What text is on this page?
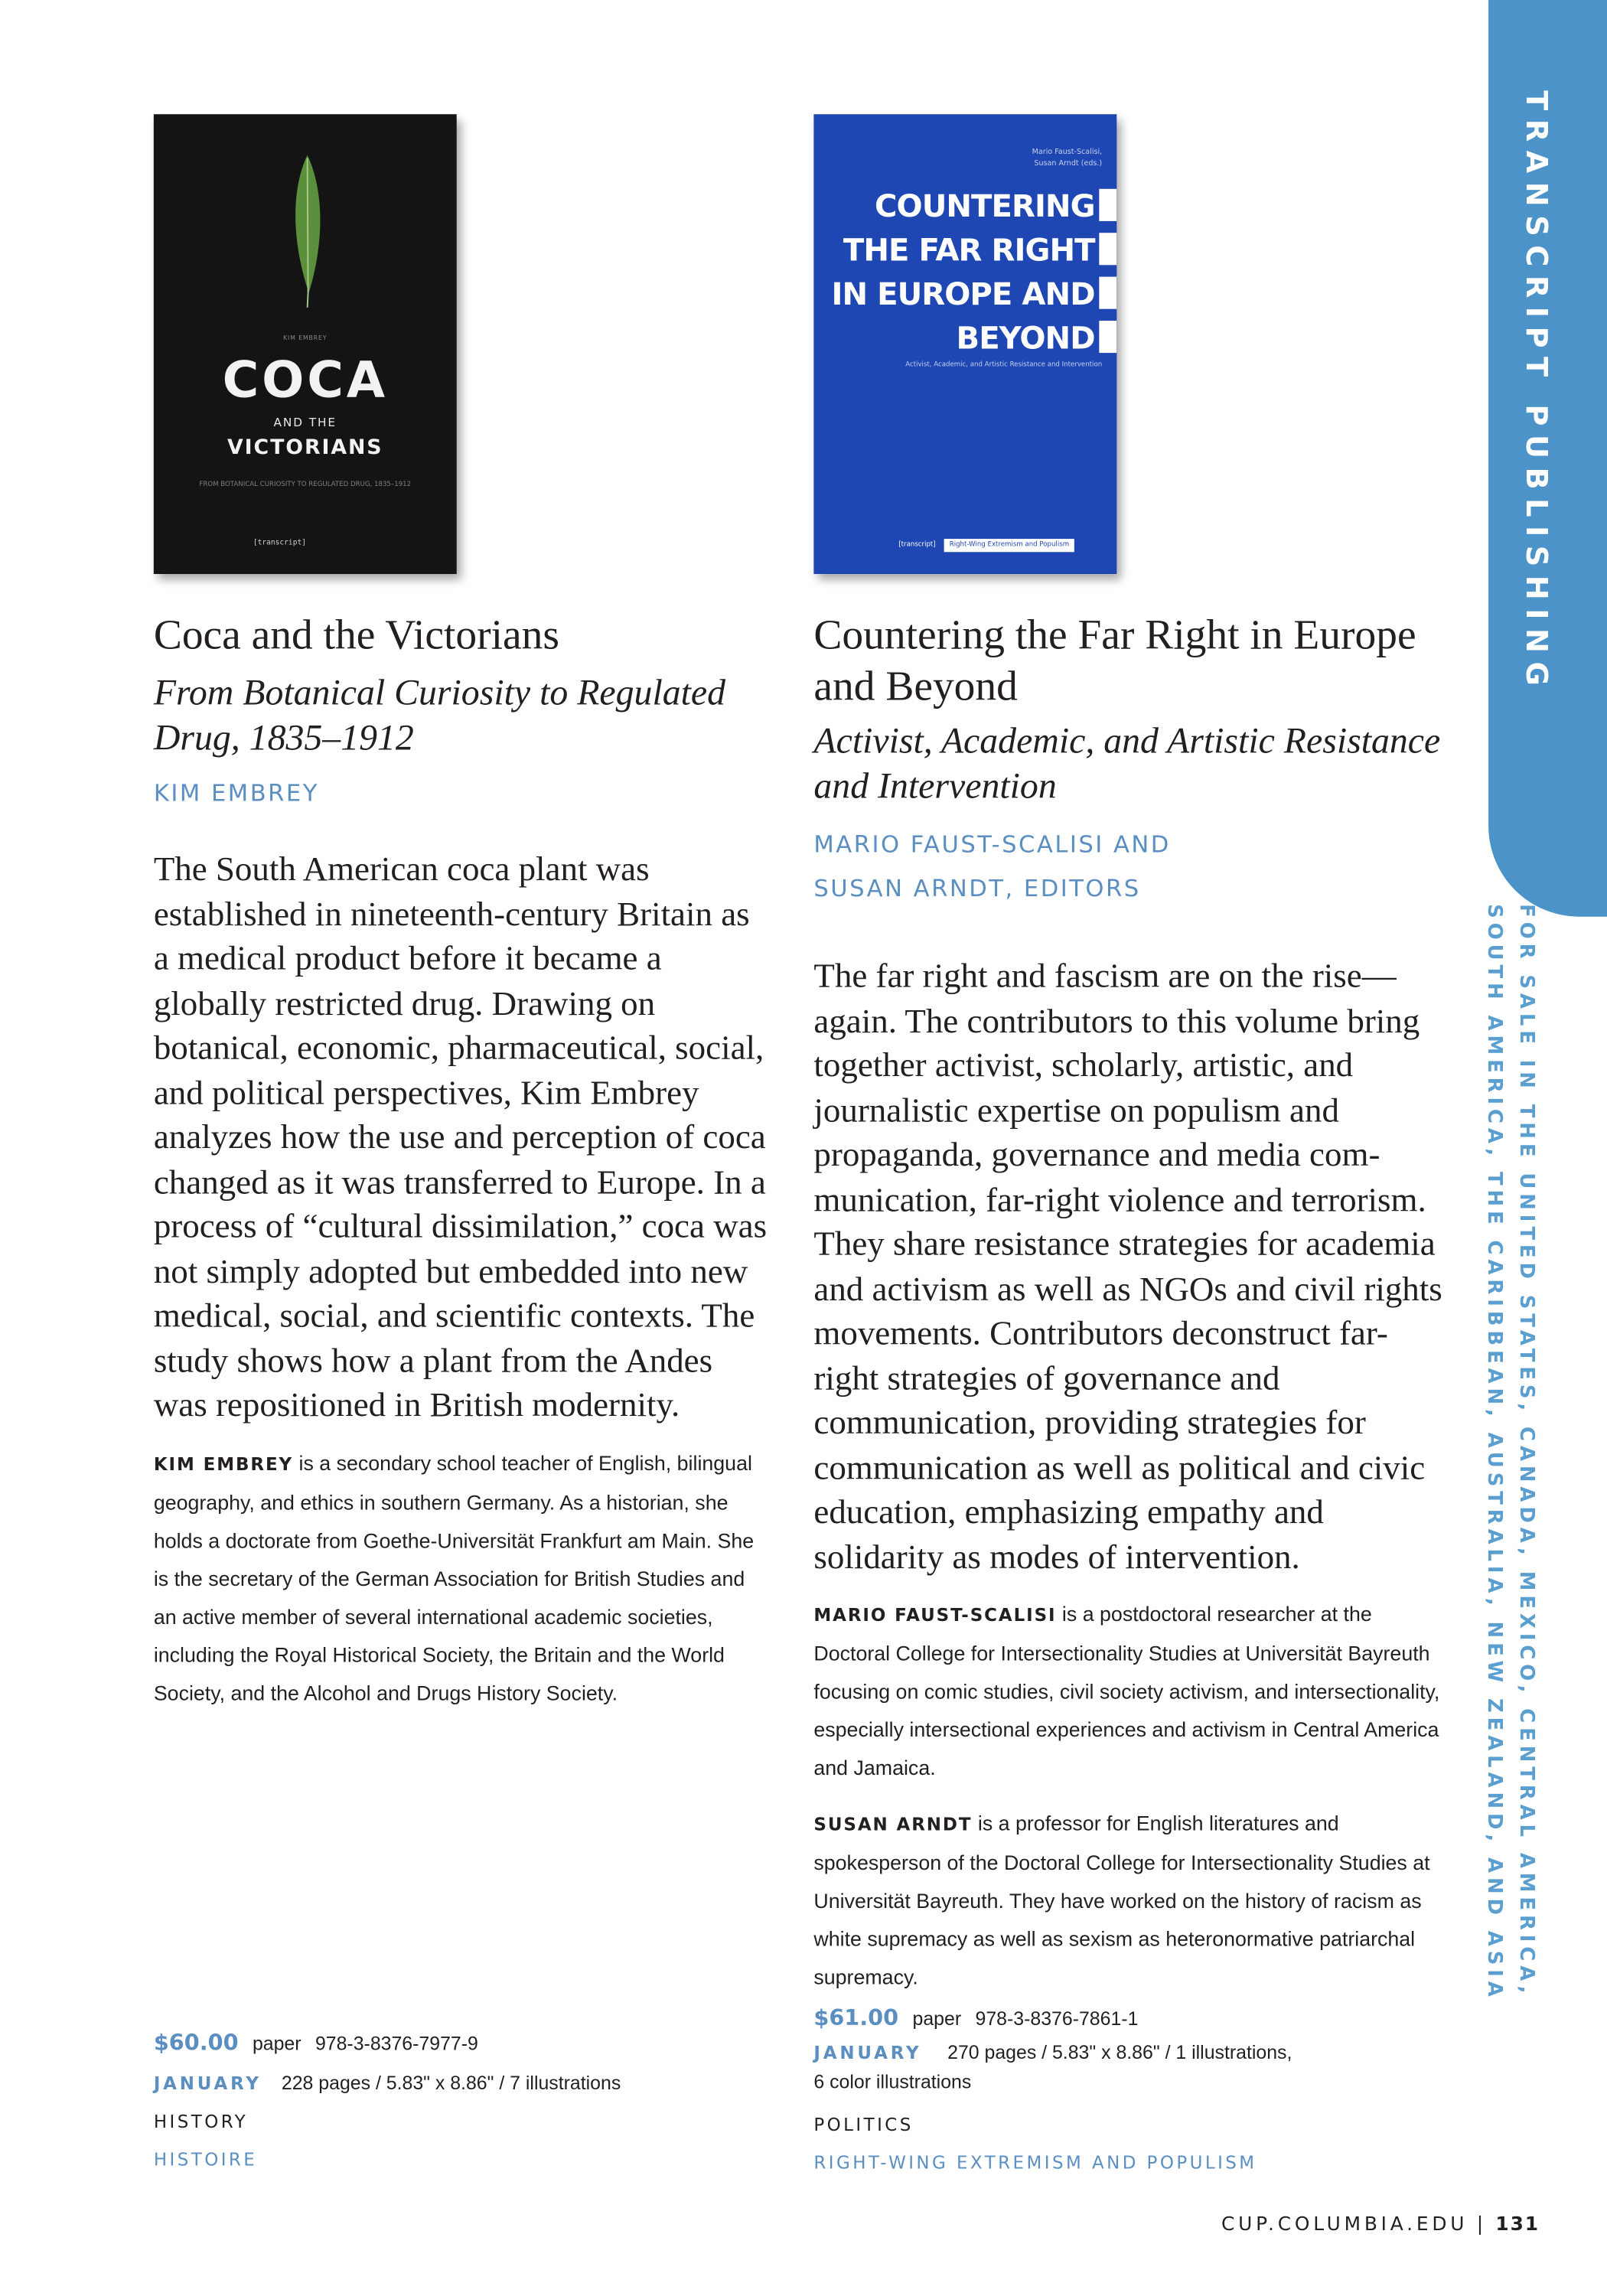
TRANSCRIPT PUBLISHING
FOR SALE IN THE UNITED STATES, CANADA, MEXICO, CENTRAL AMERICA,
SOUTH AMERICA, THE CARIBBEAN, AUSTRALIA, NEW ZEALAND, AND ASIA
KIM EMBREY
COCA
AND THE
VICTORIANS
FROM BOTANICAL CURIOSITY TO REGULATED DRUG, 1835–1912
[transcript]

Coca and the Victorians

From Botanical Curiosity to Regulated Drug, 1835–1912

KIM EMBREY
The South American coca plant was established in nineteenth-century Britain as a medical product before it became a globally restricted drug. Drawing on botanical, economic, pharmaceutical, social, and political perspectives, Kim Embrey analyzes how the use and perception of coca changed as it was transferred to Europe. In a process of “cultural dissimilation,” coca was not simply adopted but embedded into new medical, social, and scientific contexts. The study shows how a plant from the Andes was repositioned in British modernity.
KIM EMBREY is a secondary school teacher of English, bilingual geography, and ethics in southern Germany. As a historian, she holds a doctorate from Goethe-Universität Frankfurt am Main. She is the secretary of the German Association for British Studies and an active member of several international academic societies, including the Royal Historical Society, the Britain and the World Society, and the Alcohol and Drugs History Society.
$60.00 paper 978-3-8376-7977-9
JANUARY 228 pages / 5.83" x 8.86" / 7 illustrations
HISTORY
HISTOIRE
Mario Faust-Scalisi,
Susan Arndt (eds.)
COUNTERING
THE FAR RIGHT
IN EUROPE AND
BEYOND
Activist, Academic, and Artistic Resistance and Intervention
[transcript]	Right-Wing Extremism and Populism

Countering the Far Right in Europe and Beyond

Activist, Academic, and Artistic Resistance and Intervention

MARIO FAUST-SCALISI AND
SUSAN ARNDT, EDITORS
The far right and fascism are on the rise—again. The contributors to this volume bring together activist, scholarly, artistic, and journalistic expertise on populism and propaganda, governance and media communication, far-right violence and terrorism. They share resistance strategies for academia and activism as well as NGOs and civil rights movements. Contributors deconstruct far-right strategies of governance and communication, providing strategies for communication as well as political and civic education, emphasizing empathy and solidarity as modes of intervention.
MARIO FAUST-SCALISI is a postdoctoral researcher at the Doctoral College for Intersectionality Studies at Universität Bayreuth focusing on comic studies, civil society activism, and intersectionality, especially intersectional experiences and activism in Central America and Jamaica.
SUSAN ARNDT is a professor for English literatures and spokesperson of the Doctoral College for Intersectionality Studies at Universität Bayreuth. They have worked on the history of racism as white supremacy as well as sexism as heteronormative patriarchal supremacy.
$61.00 paper 978-3-8376-7861-1
JANUARY	270 pages / 5.83" x 8.86" / 1 illustrations,
6 color illustrations
POLITICS
RIGHT-WING EXTREMISM AND POPULISM
CUP.COLUMBIA.EDU | 131
